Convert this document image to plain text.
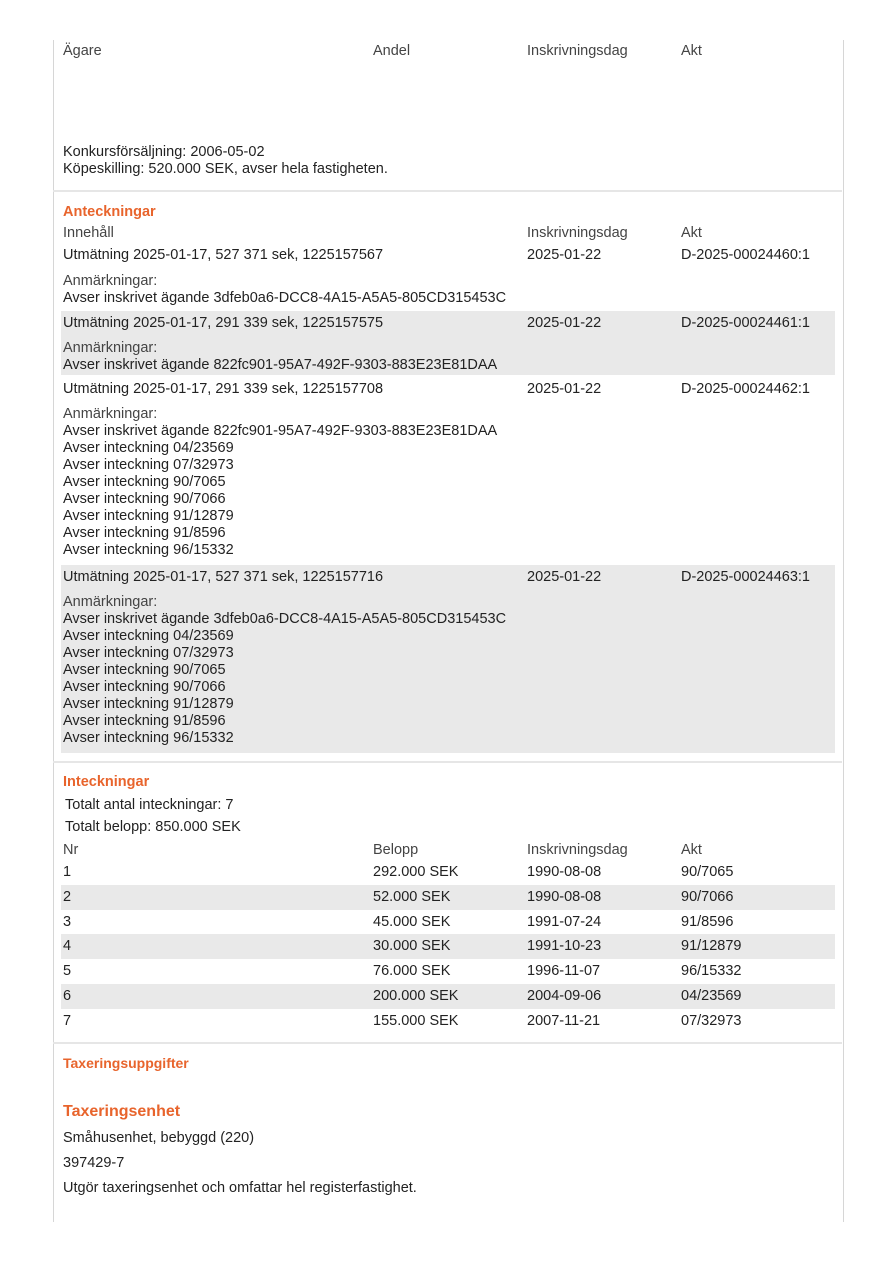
Ägare	Andel	Inskrivningsdag	Akt
Konkursförsäljning: 2006-05-02
Köpeskilling: 520.000 SEK, avser hela fastigheten.
Anteckningar
Innehåll	Inskrivningsdag	Akt
Utmätning 2025-01-17, 527 371 sek, 1225157567	2025-01-22	D-2025-00024460:1
Anmärkningar:
Avser inskrivet ägande 3dfeb0a6-DCC8-4A15-A5A5-805CD315453C
Utmätning 2025-01-17, 291 339 sek, 1225157575	2025-01-22	D-2025-00024461:1
Anmärkningar:
Avser inskrivet ägande 822fc901-95A7-492F-9303-883E23E81DAA
Utmätning 2025-01-17, 291 339 sek, 1225157708	2025-01-22	D-2025-00024462:1
Anmärkningar:
Avser inskrivet ägande 822fc901-95A7-492F-9303-883E23E81DAA
Avser inteckning 04/23569
Avser inteckning 07/32973
Avser inteckning 90/7065
Avser inteckning 90/7066
Avser inteckning 91/12879
Avser inteckning 91/8596
Avser inteckning 96/15332
Utmätning 2025-01-17, 527 371 sek, 1225157716	2025-01-22	D-2025-00024463:1
Anmärkningar:
Avser inskrivet ägande 3dfeb0a6-DCC8-4A15-A5A5-805CD315453C
Avser inteckning 04/23569
Avser inteckning 07/32973
Avser inteckning 90/7065
Avser inteckning 90/7066
Avser inteckning 91/12879
Avser inteckning 91/8596
Avser inteckning 96/15332
Inteckningar
Totalt antal inteckningar: 7
Totalt belopp: 850.000 SEK
Nr	Belopp	Inskrivningsdag	Akt
1	292.000 SEK	1990-08-08	90/7065
2	52.000 SEK	1990-08-08	90/7066
3	45.000 SEK	1991-07-24	91/8596
4	30.000 SEK	1991-10-23	91/12879
5	76.000 SEK	1996-11-07	96/15332
6	200.000 SEK	2004-09-06	04/23569
7	155.000 SEK	2007-11-21	07/32973
Taxeringsuppgifter
Taxeringsenhet
Småhusenhet, bebyggd (220)
397429-7
Utgör taxeringsenhet och omfattar hel registerfastighet.
